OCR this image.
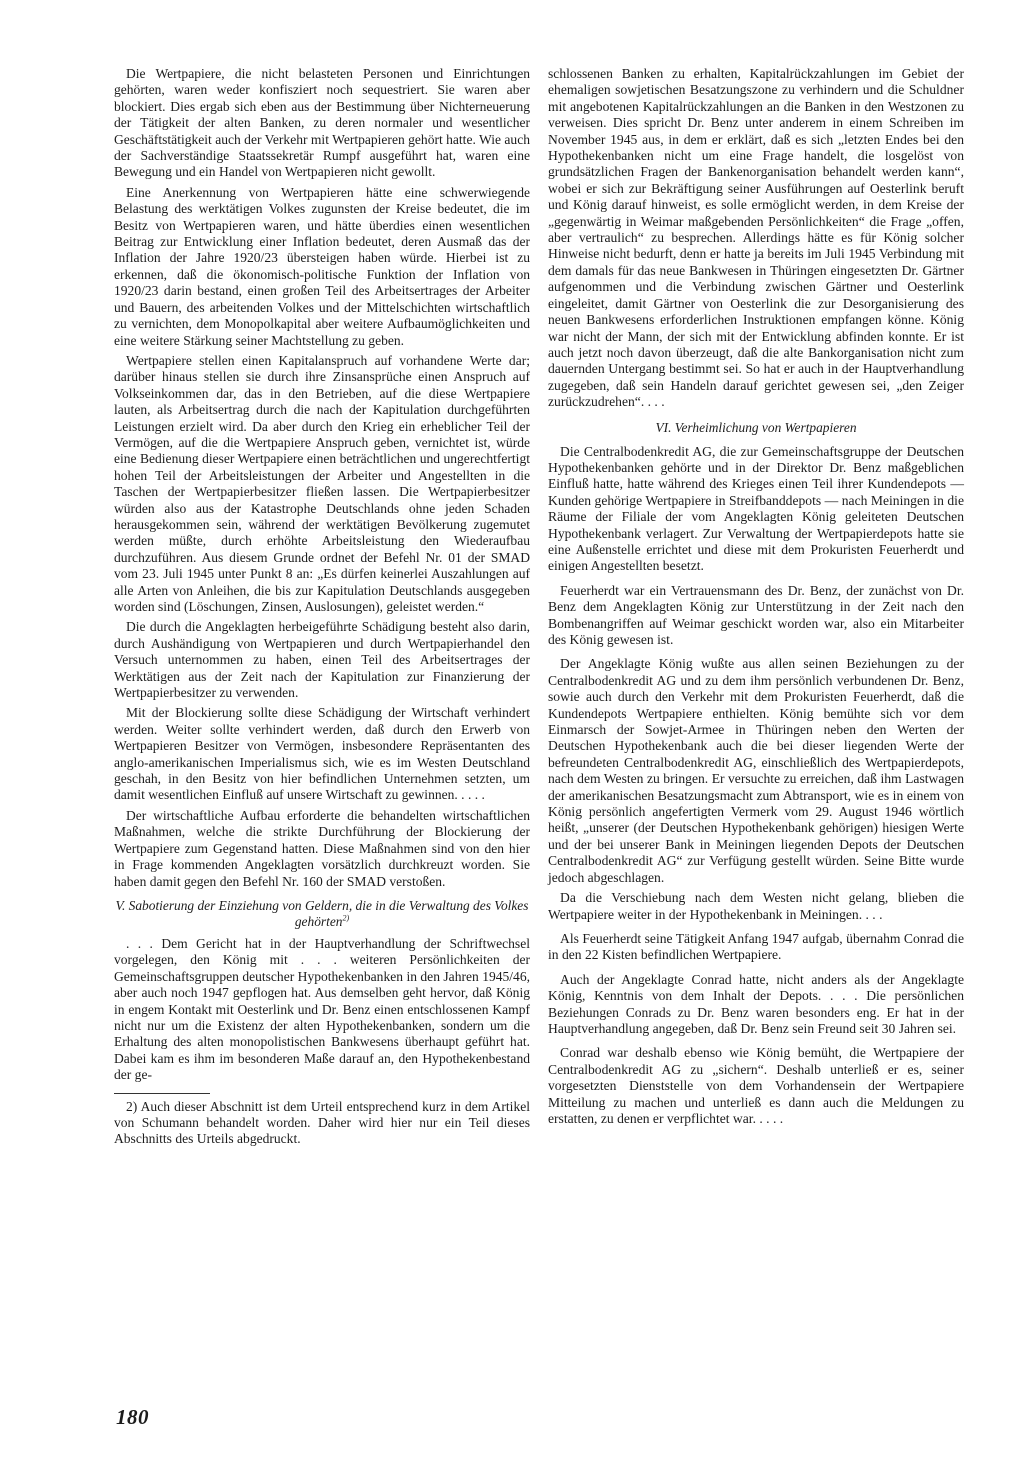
Die Wertpapiere, die nicht belasteten Personen und Einrichtungen gehörten, waren weder konfisziert noch sequestriert. Sie waren aber blockiert. Dies ergab sich eben aus der Bestimmung über Nichterneuerung der Tätigkeit der alten Banken, zu deren normaler und wesentlicher Geschäftstätigkeit auch der Verkehr mit Wertpapieren gehört hatte. Wie auch der Sachverständige Staatssekretär Rumpf ausgeführt hat, waren eine Bewegung und ein Handel von Wertpapieren nicht gewollt.

Eine Anerkennung von Wertpapieren hätte eine schwerwiegende Belastung des werktätigen Volkes zugunsten der Kreise bedeutet, die im Besitz von Wertpapieren waren, und hätte überdies einen wesentlichen Beitrag zur Entwicklung einer Inflation bedeutet, deren Ausmaß das der Inflation der Jahre 1920/23 übersteigen haben würde. Hierbei ist zu erkennen, daß die ökonomisch-politische Funktion der Inflation von 1920/23 darin bestand, einen großen Teil des Arbeitsertrages der Arbeiter und Bauern, des arbeitenden Volkes und der Mittelschichten wirtschaftlich zu vernichten, dem Monopolkapital aber weitere Aufbaumöglichkeiten und eine weitere Stärkung seiner Machtstellung zu geben.

Wertpapiere stellen einen Kapitalanspruch auf vorhandene Werte dar; darüber hinaus stellen sie durch ihre Zinsansprüche einen Anspruch auf Volkseinkommen dar, das in den Betrieben, auf die diese Wertpapiere lauten, als Arbeitsertrag durch die nach der Kapitulation durchgeführten Leistungen erzielt wird. Da aber durch den Krieg ein erheblicher Teil der Vermögen, auf die die Wertpapiere Anspruch geben, vernichtet ist, würde eine Bedienung dieser Wertpapiere einen beträchtlichen und ungerechtfertigt hohen Teil der Arbeitsleistungen der Arbeiter und Angestellten in die Taschen der Wertpapierbesitzer fließen lassen. Die Wertpapierbesitzer würden also aus der Katastrophe Deutschlands ohne jeden Schaden herausgekommen sein, während der werktätigen Bevölkerung zugemutet werden müßte, durch erhöhte Arbeitsleistung den Wiederaufbau durchzuführen. Aus diesem Grunde ordnet der Befehl Nr. 01 der SMAD vom 23. Juli 1945 unter Punkt 8 an: „Es dürfen keinerlei Auszahlungen auf alle Arten von Anleihen, die bis zur Kapitulation Deutschlands ausgegeben worden sind (Löschungen, Zinsen, Auslosungen), geleistet werden.“

Die durch die Angeklagten herbeigeführte Schädigung besteht also darin, durch Aushändigung von Wertpapieren und durch Wertpapierhandel den Versuch unternommen zu haben, einen Teil des Arbeitsertrages der Werktätigen aus der Zeit nach der Kapitulation zur Finanzierung der Wertpapierbesitzer zu verwenden.

Mit der Blockierung sollte diese Schädigung der Wirtschaft verhindert werden. Weiter sollte verhindert werden, daß durch den Erwerb von Wertpapieren Besitzer von Vermögen, insbesondere Repräsentanten des anglo-amerikanischen Imperialismus sich, wie es im Westen Deutschland geschah, in den Besitz von hier befindlichen Unternehmen setzten, um damit wesentlichen Einfluß auf unsere Wirtschaft zu gewinnen. . . . .

Der wirtschaftliche Aufbau erforderte die behandelten wirtschaftlichen Maßnahmen, welche die strikte Durchführung der Blockierung der Wertpapiere zum Gegenstand hatten. Diese Maßnahmen sind von den hier in Frage kommenden Angeklagten vorsätzlich durchkreuzt worden. Sie haben damit gegen den Befehl Nr. 160 der SMAD verstoßen.

V. Sabotierung der Einziehung von Geldern, die in die Verwaltung des Volkes gehörten$^{2)}$

. . . Dem Gericht hat in der Hauptverhandlung der Schriftwechsel vorgelegen, den König mit . . . weiteren Persönlichkeiten der Gemeinschaftsgruppen deutscher Hypothekenbanken in den Jahren 1945/46, aber auch noch 1947 gepflogen hat. Aus demselben geht hervor, daß König in engem Kontakt mit Oesterlink und Dr. Benz einen entschlossenen Kampf nicht nur um die Existenz der alten Hypothekenbanken, sondern um die Erhaltung des alten monopolistischen Bankwesens überhaupt geführt hat. Dabei kam es ihm im besonderen Maße darauf an, den Hypothekenbestand der ge-

2) Auch dieser Abschnitt ist dem Urteil entsprechend kurz in dem Artikel von Schumann behandelt worden. Daher wird hier nur ein Teil dieses Abschnitts des Urteils abgedruckt.

schlossenen Banken zu erhalten, Kapitalrückzahlungen im Gebiet der ehemaligen sowjetischen Besatzungszone zu verhindern und die Schuldner mit angebotenen Kapitalrückzahlungen an die Banken in den Westzonen zu verweisen. Dies spricht Dr. Benz unter anderem in einem Schreiben im November 1945 aus, in dem er erklärt, daß es sich „letzten Endes bei den Hypothekenbanken nicht um eine Frage handelt, die losgelöst von grundsätzlichen Fragen der Bankenorganisation behandelt werden kann“, wobei er sich zur Bekräftigung seiner Ausführungen auf Oesterlink beruft und König darauf hinweist, es solle ermöglicht werden, in dem Kreise der „gegenwärtig in Weimar maßgebenden Persönlichkeiten“ die Frage „offen, aber vertraulich“ zu besprechen. Allerdings hätte es für König solcher Hinweise nicht bedurft, denn er hatte ja bereits im Juli 1945 Verbindung mit dem damals für das neue Bankwesen in Thüringen eingesetzten Dr. Gärtner aufgenommen und die Verbindung zwischen Gärtner und Oesterlink eingeleitet, damit Gärtner von Oesterlink die zur Desorganisierung des neuen Bankwesens erforderlichen Instruktionen empfangen könne. König war nicht der Mann, der sich mit der Entwicklung abfinden konnte. Er ist auch jetzt noch davon überzeugt, daß die alte Bankorganisation nicht zum dauernden Untergang bestimmt sei. So hat er auch in der Hauptverhandlung zugegeben, daß sein Handeln darauf gerichtet gewesen sei, „den Zeiger zurückzudrehen“. . . .

VI. Verheimlichung von Wertpapieren

Die Centralbodenkredit AG, die zur Gemeinschaftsgruppe der Deutschen Hypothekenbanken gehörte und in der Direktor Dr. Benz maßgeblichen Einfluß hatte, hatte während des Krieges einen Teil ihrer Kundendepots — Kunden gehörige Wertpapiere in Streifbanddepots — nach Meiningen in die Räume der Filiale der vom Angeklagten König geleiteten Deutschen Hypothekenbank verlagert. Zur Verwaltung der Wertpapierdepots hatte sie eine Außenstelle errichtet und diese mit dem Prokuristen Feuerherdt und einigen Angestellten besetzt.

Feuerherdt war ein Vertrauensmann des Dr. Benz, der zunächst von Dr. Benz dem Angeklagten König zur Unterstützung in der Zeit nach den Bombenangriffen auf Weimar geschickt worden war, also ein Mitarbeiter des König gewesen ist.

Der Angeklagte König wußte aus allen seinen Beziehungen zu der Centralbodenkredit AG und zu dem ihm persönlich verbundenen Dr. Benz, sowie auch durch den Verkehr mit dem Prokuristen Feuerherdt, daß die Kundendepots Wertpapiere enthielten. König bemühte sich vor dem Einmarsch der Sowjet-Armee in Thüringen neben den Werten der Deutschen Hypothekenbank auch die bei dieser liegenden Werte der befreundeten Centralbodenkredit AG, einschließlich des Wertpapierdepots, nach dem Westen zu bringen. Er versuchte zu erreichen, daß ihm Lastwagen der amerikanischen Besatzungsmacht zum Abtransport, wie es in einem von König persönlich angefertigten Vermerk vom 29. August 1946 wörtlich heißt, „unserer (der Deutschen Hypothekenbank gehörigen) hiesigen Werte und der bei unserer Bank in Meiningen liegenden Depots der Deutschen Centralbodenkredit AG“ zur Verfügung gestellt würden. Seine Bitte wurde jedoch abgeschlagen.

Da die Verschiebung nach dem Westen nicht gelang, blieben die Wertpapiere weiter in der Hypothekenbank in Meiningen. . . .

Als Feuerherdt seine Tätigkeit Anfang 1947 aufgab, übernahm Conrad die in den 22 Kisten befindlichen Wertpapiere.

Auch der Angeklagte Conrad hatte, nicht anders als der Angeklagte König, Kenntnis von dem Inhalt der Depots. . . . Die persönlichen Beziehungen Conrads zu Dr. Benz waren besonders eng. Er hat in der Hauptverhandlung angegeben, daß Dr. Benz sein Freund seit 30 Jahren sei.

Conrad war deshalb ebenso wie König bemüht, die Wertpapiere der Centralbodenkredit AG zu „sichern“. Deshalb unterließ er es, seiner vorgesetzten Dienststelle von dem Vorhandensein der Wertpapiere Mitteilung zu machen und unterließ es dann auch die Meldungen zu erstatten, zu denen er verpflichtet war. . . . .

180
